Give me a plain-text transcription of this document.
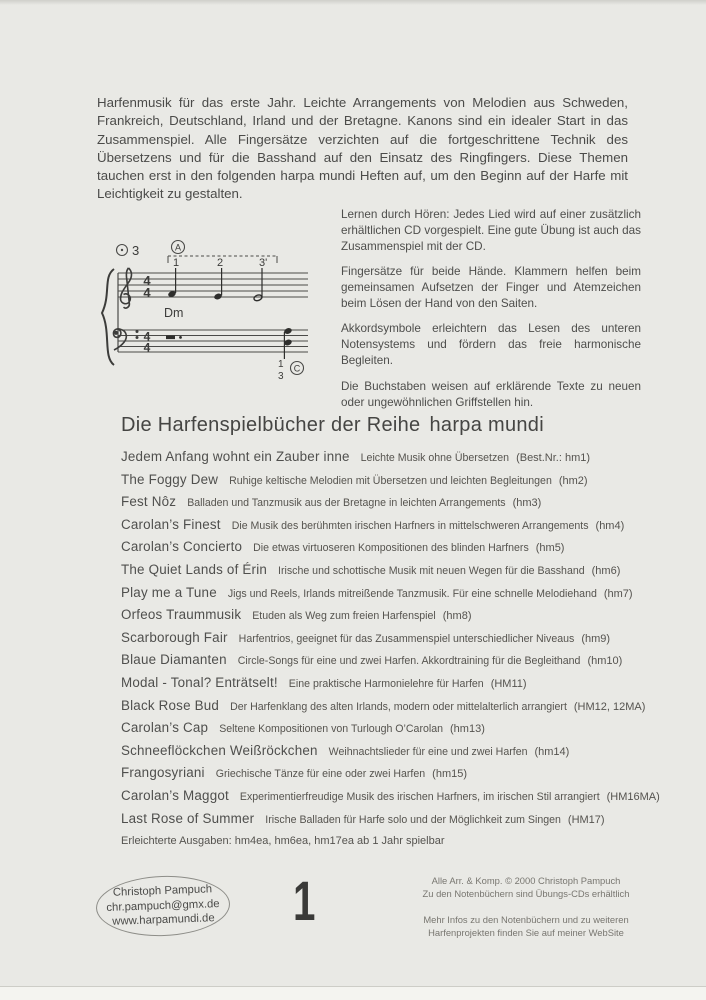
Harfenmusik für das erste Jahr. Leichte Arrangements von Melodien aus Schweden, Frankreich, Deutschland, Irland und der Bretagne. Kanons sind ein idealer Start in das Zusammenspiel. Alle Fingersätze verzichten auf die fortgeschrittene Technik des Übersetzens und für die Basshand auf den Einsatz des Ringfingers. Diese Themen tauchen erst in den folgenden harpa mundi Heften auf, um den Beginn auf der Harfe mit Leichtigkeit zu gestalten.

3	A
1	2	3'
4
4
4
4
Dm
1
3
C

Lernen durch Hören: Jedes Lied wird auf einer zusätzlich erhältlichen CD vorgespielt. Eine gute Übung ist auch das Zusammenspiel mit der CD.

Fingersätze für beide Hände. Klammern helfen beim gemeinsamen Aufsetzen der Finger und Atemzeichen beim Lösen der Hand von den Saiten.

Akkordsymbole erleichtern das Lesen des unteren Notensystems und fördern das freie harmonische Begleiten.

Die Buchstaben weisen auf erklärende Texte zu neuen oder ungewöhnlichen Griffstellen hin.

Die Harfenspielbücher der Reihe harpa mundi
Jedem Anfang wohnt ein Zauber inne Leichte Musik ohne Übersetzen (Best.Nr.: hm1)
The Foggy Dew Ruhige keltische Melodien mit Übersetzen und leichten Begleitungen (hm2)
Fest Nôz Balladen und Tanzmusik aus der Bretagne in leichten Arrangements (hm3)
Carolan’s Finest Die Musik des berühmten irischen Harfners in mittelschweren Arrangements (hm4)
Carolan’s Concierto Die etwas virtuoseren Kompositionen des blinden Harfners (hm5)
The Quiet Lands of Érin Irische und schottische Musik mit neuen Wegen für die Basshand (hm6)
Play me a Tune Jigs und Reels, Irlands mitreißende Tanzmusik. Für eine schnelle Melodiehand (hm7)
Orfeos Traummusik Etuden als Weg zum freien Harfenspiel (hm8)
Scarborough Fair Harfentrios, geeignet für das Zusammenspiel unterschiedlicher Niveaus (hm9)
Blaue Diamanten Circle-Songs für eine und zwei Harfen. Akkordtraining für die Begleithand (hm10)
Modal - Tonal? Enträtselt! Eine praktische Harmonielehre für Harfen (HM11)
Black Rose Bud Der Harfenklang des alten Irlands, modern oder mittelalterlich arrangiert (HM12, 12MA)
Carolan’s Cap Seltene Kompositionen von Turlough O’Carolan (hm13)
Schneeflöckchen Weißröckchen Weihnachtslieder für eine und zwei Harfen (hm14)
Frangosyriani Griechische Tänze für eine oder zwei Harfen (hm15)
Carolan’s Maggot Experimentierfreudige Musik des irischen Harfners, im irischen Stil arrangiert (HM16MA)
Last Rose of Summer Irische Balladen für Harfe solo und der Möglichkeit zum Singen (HM17)
Erleichterte Ausgaben: hm4ea, hm6ea, hm17ea ab 1 Jahr spielbar
Christoph Pampuch
chr.pampuch@gmx.de
www.harpamundi.de 1	Alle Arr. & Komp. © 2000 Christoph Pampuch
Zu den Notenbüchern sind Übungs-CDs erhältlich
Mehr Infos zu den Notenbüchern und zu weiteren
Harfenprojekten finden Sie auf meiner WebSite
